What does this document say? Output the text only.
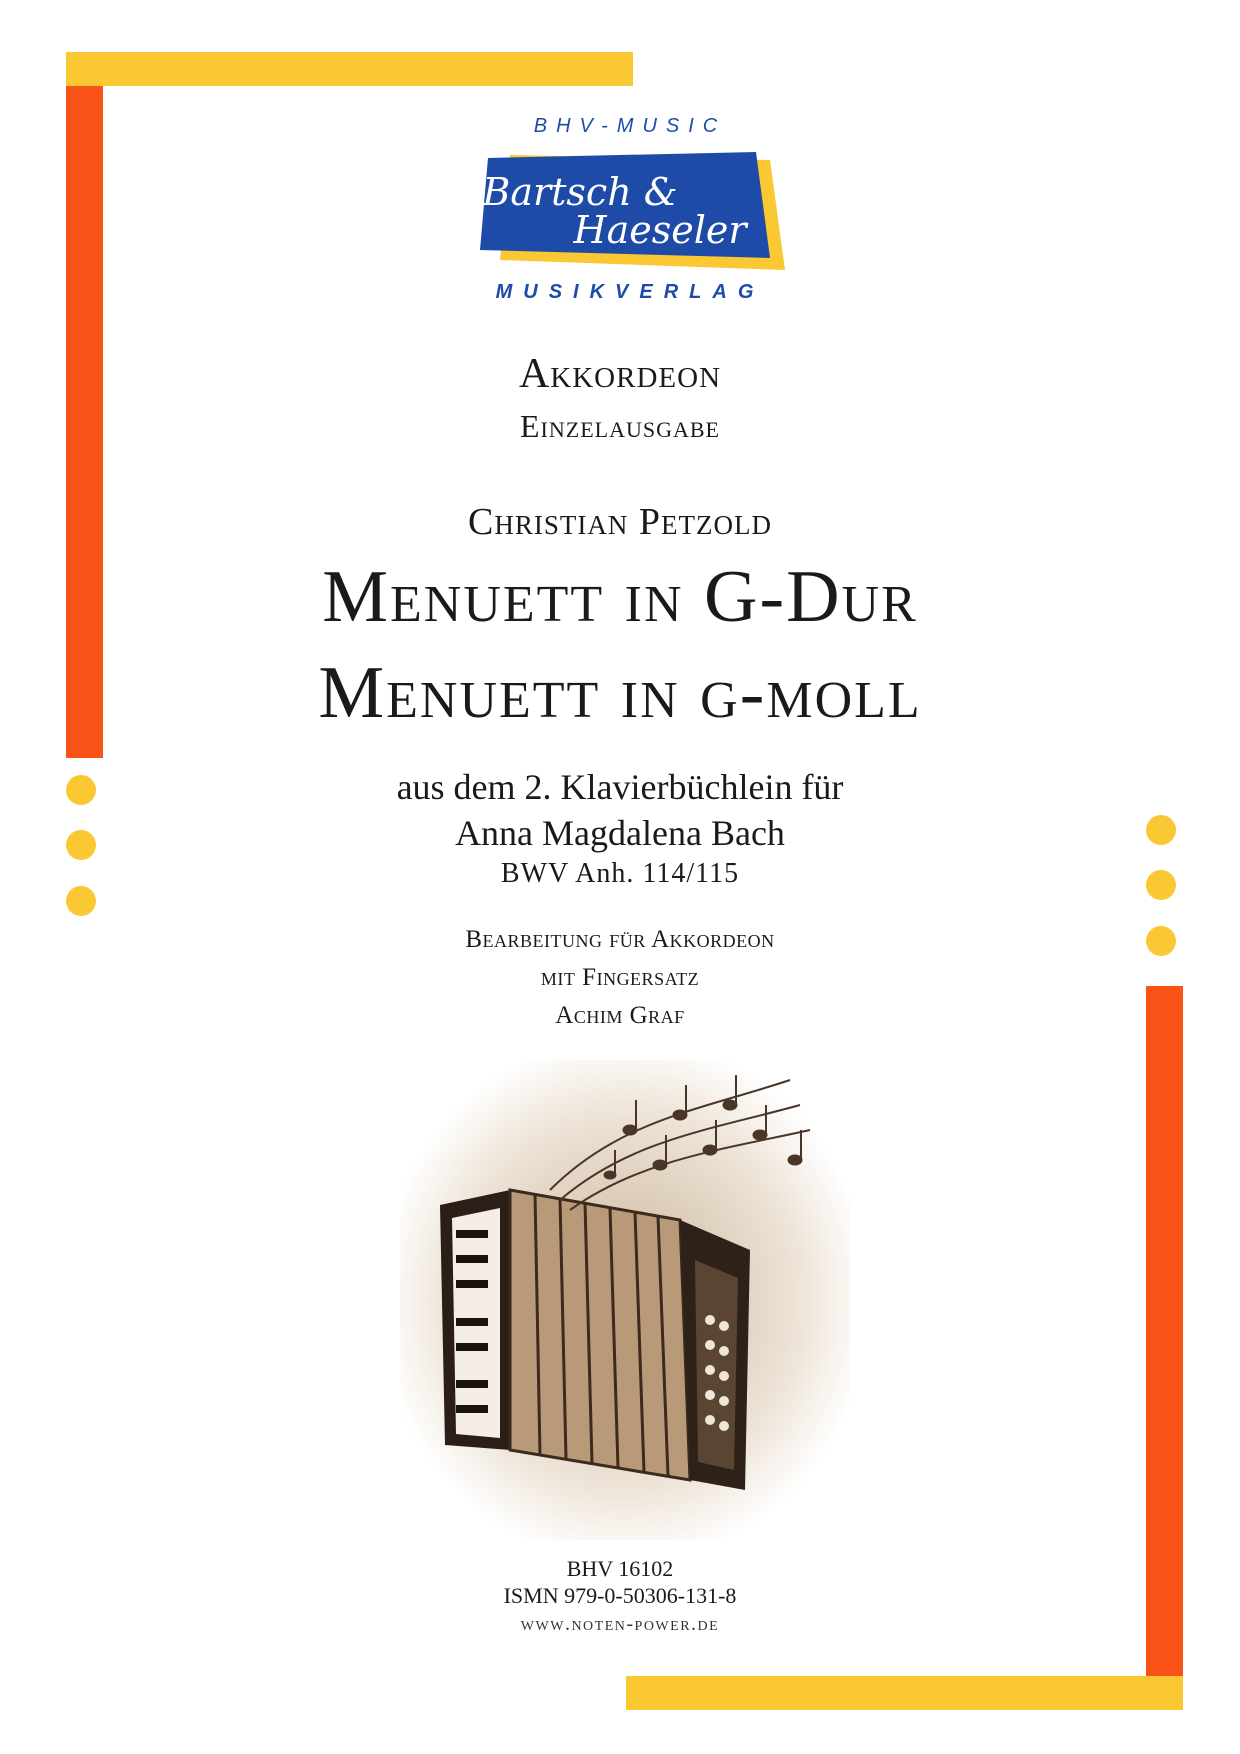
BHV-MUSIC
Bartsch &
Haeseler
MUSIKVERLAG
Akkordeon
Einzelausgabe
Christian Petzold
Menuett in G-Dur
Menuett in g-moll
aus dem 2. Klavierbüchlein für
Anna Magdalena Bach
BWV Anh. 114/115
Bearbeitung für Akkordeon
mit Fingersatz
Achim Graf
BHV 16102
ISMN 979-0-50306-131-8
www.noten-power.de
